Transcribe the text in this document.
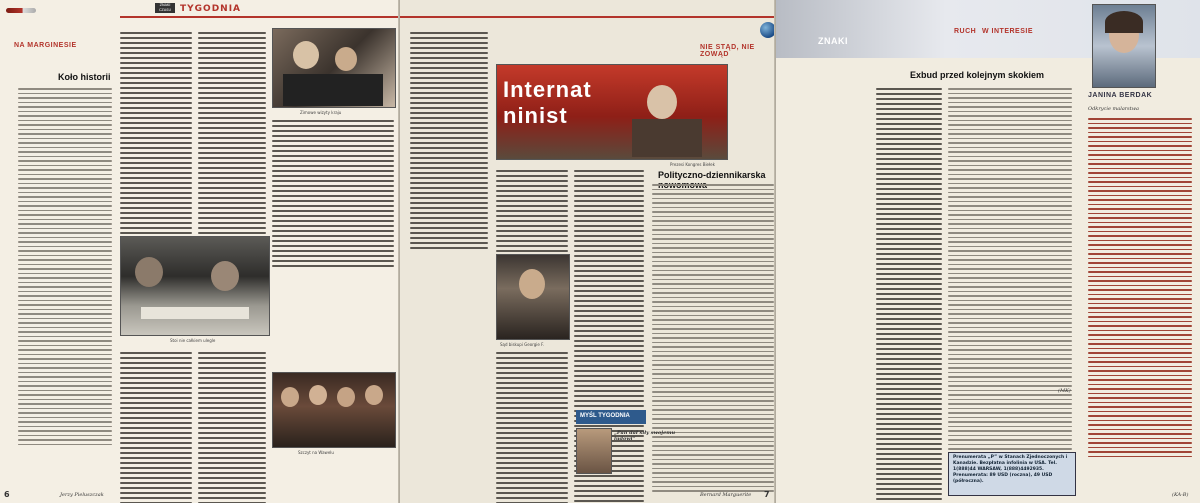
NA MARGINESIE
ZNAKI CZASU TYGODNIA
Koło historii
Jerzy Pieluszczak
Zimowe wizyty kraju
Stoi nie całkiem ulegle
Szczyt na Wawelu
6
NIE STĄD, NIE ZOWĄD
Internat
ninist
Prezesi Kongres Biełek
Sąd biskupi Georgie F.
Polityczno-dziennikarska
MYŚL TYGODNIA
„Pan dał siły swojemu ludowi”
Bernard Marguerite 7
ZNAKI
RUCH W INTERESIE
Exbud przed kolejnym skokiem
(MK)
Prenumerata „P” w Stanach Zjednoczonych i Kanadzie. Bezpłatna infolinia w USA. Tel. 1(888)44 WARSAW, 1(888)4492935. Prenumerata: 89 USD (roczna), 49 USD (półroczna).
JANINA BERDAK
Odkrycie malarstwa
(KA-B)
